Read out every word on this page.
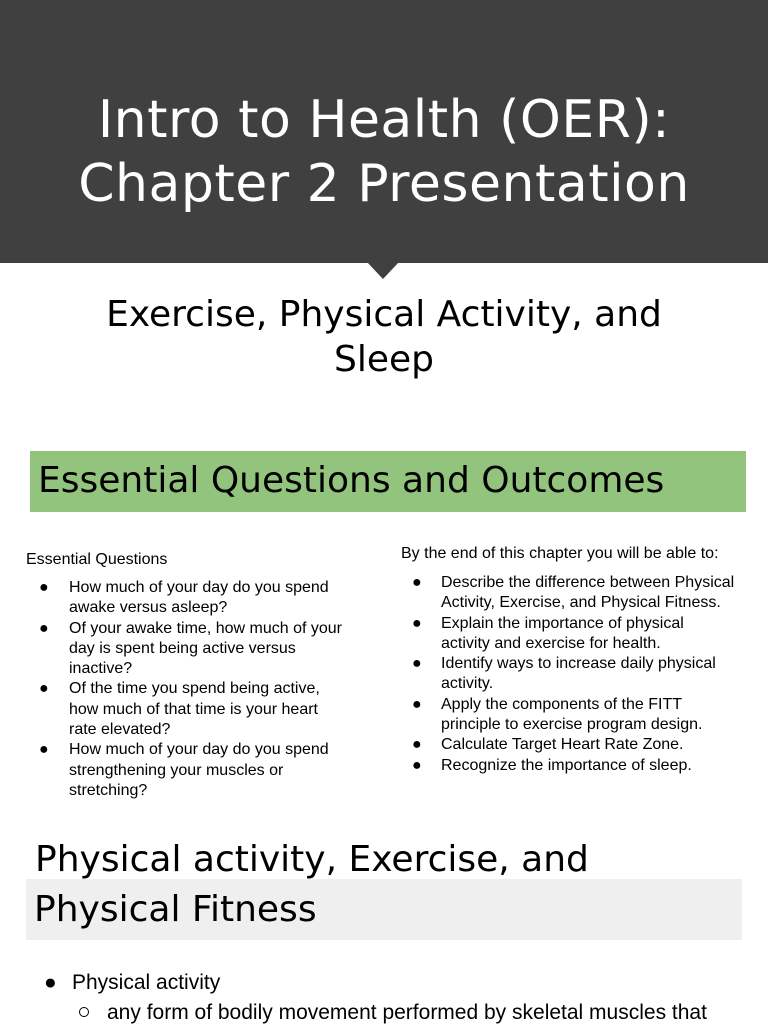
Intro to Health (OER):
Chapter 2 Presentation
Exercise, Physical Activity, and
Sleep
Essential Questions and Outcomes
Essential Questions
● How much of your day do you spend
awake versus asleep?
● Of your awake time, how much of your
day is spent being active versus
inactive?
● Of the time you spend being active,
how much of that time is your heart
rate elevated?
● How much of your day do you spend
strengthening your muscles or
stretching?
By the end of this chapter you will be able to:
● Describe the difference between Physical
Activity, Exercise, and Physical Fitness.
● Explain the importance of physical
activity and exercise for health.
● Identify ways to increase daily physical
activity.
● Apply the components of the FITT
principle to exercise program design.
● Calculate Target Heart Rate Zone.
● Recognize the importance of sleep.
Physical activity, Exercise, and
Physical Fitness
● Physical activity
any form of bodily movement performed by skeletal muscles that
